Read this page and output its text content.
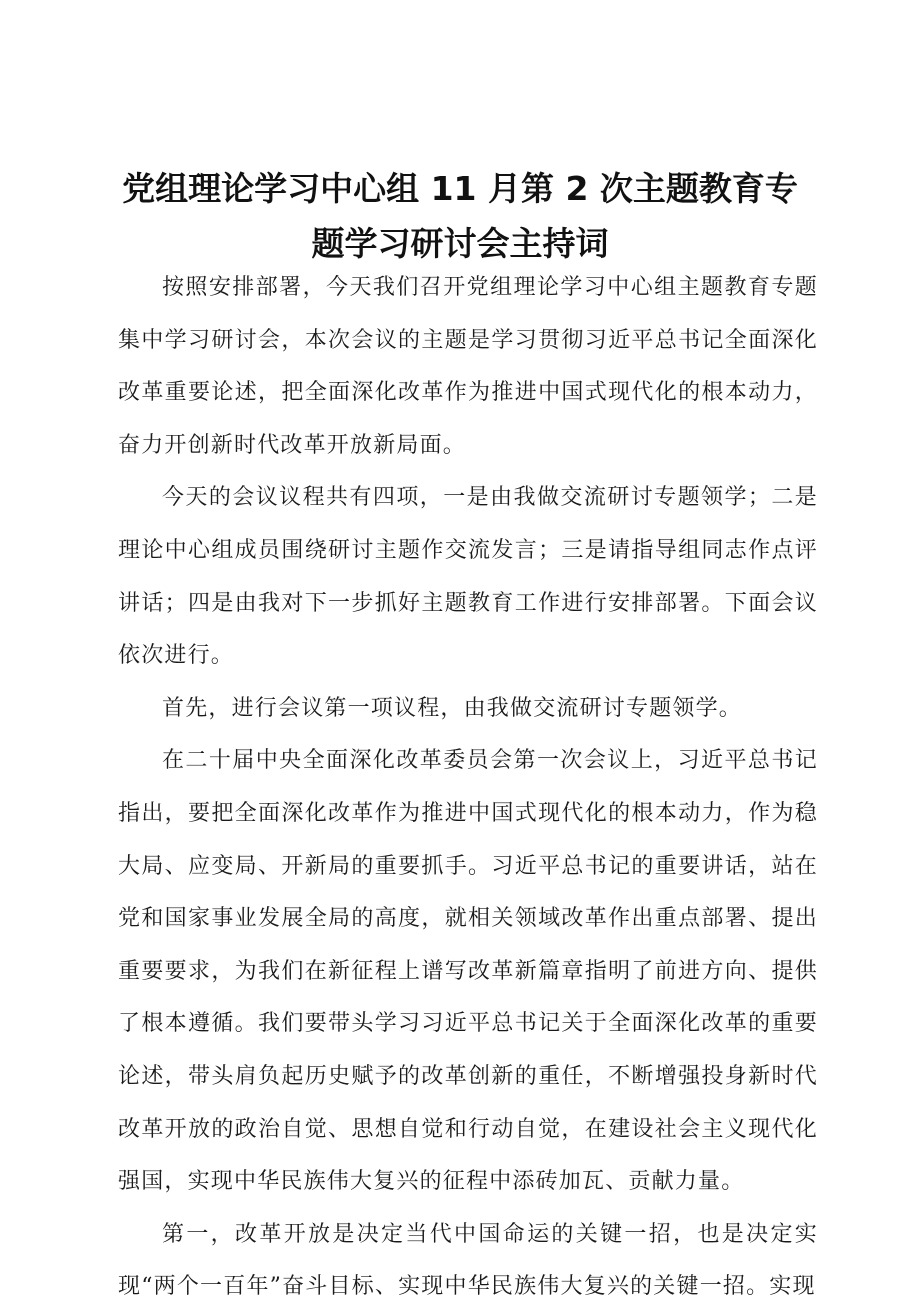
党组理论学习中心组 11 月第 2 次主题教育专
题学习研讨会主持词

按照安排部署，今天我们召开党组理论学习中心组主题教育专题集中学习研讨会，本次会议的主题是学习贯彻习近平总书记全面深化改革重要论述，把全面深化改革作为推进中国式现代化的根本动力，奋力开创新时代改革开放新局面。

今天的会议议程共有四项，一是由我做交流研讨专题领学；二是理论中心组成员围绕研讨主题作交流发言；三是请指导组同志作点评讲话；四是由我对下一步抓好主题教育工作进行安排部署。下面会议依次进行。

首先，进行会议第一项议程，由我做交流研讨专题领学。

在二十届中央全面深化改革委员会第一次会议上，习近平总书记指出，要把全面深化改革作为推进中国式现代化的根本动力，作为稳大局、应变局、开新局的重要抓手。习近平总书记的重要讲话，站在党和国家事业发展全局的高度，就相关领域改革作出重点部署、提出重要要求，为我们在新征程上谱写改革新篇章指明了前进方向、提供了根本遵循。我们要带头学习习近平总书记关于全面深化改革的重要论述，带头肩负起历史赋予的改革创新的重任，不断增强投身新时代改革开放的政治自觉、思想自觉和行动自觉，在建设社会主义现代化强国，实现中华民族伟大复兴的征程中添砖加瓦、贡献力量。

第一，改革开放是决定当代中国命运的关键一招，也是决定实现“两个一百年”奋斗目标、实现中华民族伟大复兴的关键一招。实现
